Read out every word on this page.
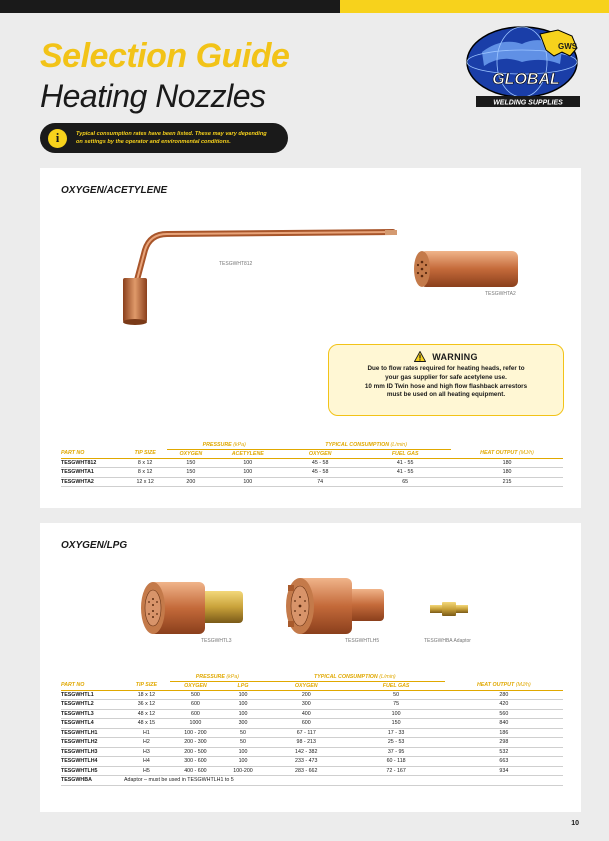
Selection Guide
Heating Nozzles
GWS
GLOBAL
WELDING SUPPLIES
i	Typical consumption rates have been listed. These may vary depending
on settings by the operator and environmental conditions.
OXYGEN/ACETYLENE
TESGWHT812
TESGWHTA2
WARNING
Due to flow rates required for heating heads, refer to
your gas supplier for safe acetylene use.
10 mm ID Twin hose and high flow flashback arrestors
must be used on all heating equipment.
		PRESSURE (kPa)		TYPICAL CONSUMPTION (L/min)		
PART NO	TIP SIZE	OXYGEN	ACETYLENE	OXYGEN	FUEL GAS	HEAT OUTPUT (MJ/h)
TESGWHT812	8 x 12	150	100	45 - 58	41 - 55	180
TESGWHTA1	8 x 12	150	100	45 - 58	41 - 55	180
TESGWHTA2	12 x 12	200	100	74	65	215
OXYGEN/LPG
TESGWHTL3	TESGWHTLH5	TESGWHBA Adaptor
		PRESSURE (kPa)		TYPICAL CONSUMPTION (L/min)		
PART NO	TIP SIZE	OXYGEN	LPG	OXYGEN	FUEL GAS	HEAT OUTPUT (MJ/h)
TESGWHTL1	18 x 12	500	100	200	50	280
TESGWHTL2	36 x 12	600	100	300	75	420
TESGWHTL3	48 x 12	600	100	400	100	560
TESGWHTL4	48 x 15	1000	300	600	150	840
TESGWHTLH1	H1	100 - 200	50	67 - 117	17 - 33	186
TESGWHTLH2	H2	200 - 300	50	98 - 213	25 - 53	298
TESGWHTLH3	H3	200 - 500	100	142 - 382	37 - 95	532
TESGWHTLH4	H4	300 - 600	100	233 - 473	60 - 118	663
TESGWHTLH5	H5	400 - 600	100-200	283 - 662	72 - 167	934
TESGWHBA	Adaptor – must be used in TESGWHTLH1 to 5					
10
